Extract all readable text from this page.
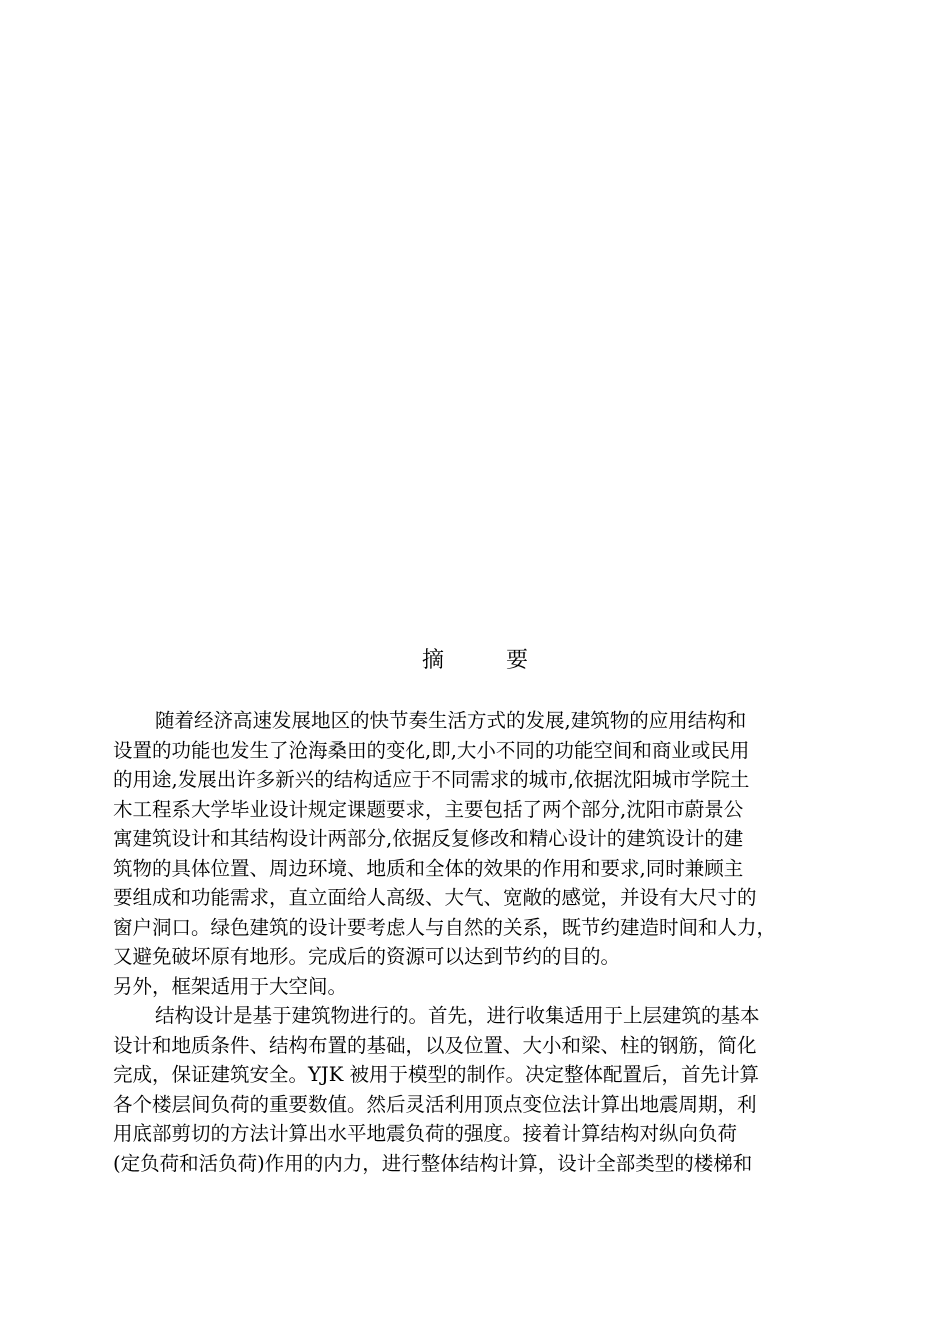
摘　要
随着经济高速发展地区的快节奏生活方式的发展,建筑物的应用结构和
设置的功能也发生了沧海桑田的变化,即,大小不同的功能空间和商业或民用
的用途,发展出许多新兴的结构适应于不同需求的城市,依据沈阳城市学院土
木工程系大学毕业设计规定课题要求，主要包括了两个部分,沈阳市蔚景公
寓建筑设计和其结构设计两部分,依据反复修改和精心设计的建筑设计的建
筑物的具体位置、周边环境、地质和全体的效果的作用和要求,同时兼顾主
要组成和功能需求，直立面给人高级、大气、宽敞的感觉，并设有大尺寸的
窗户洞口。绿色建筑的设计要考虑人与自然的关系，既节约建造时间和人力，
又避免破坏原有地形。完成后的资源可以达到节约的目的。
另外，框架适用于大空间。
结构设计是基于建筑物进行的。首先，进行收集适用于上层建筑的基本
设计和地质条件、结构布置的基础，以及位置、大小和梁、柱的钢筋，简化
完成，保证建筑安全。YJK 被用于模型的制作。决定整体配置后，首先计算
各个楼层间负荷的重要数值。然后灵活利用顶点变位法计算出地震周期，利
用底部剪切的方法计算出水平地震负荷的强度。接着计算结构对纵向负荷
(定负荷和活负荷)作用的内力，进行整体结构计算，设计全部类型的楼梯和
